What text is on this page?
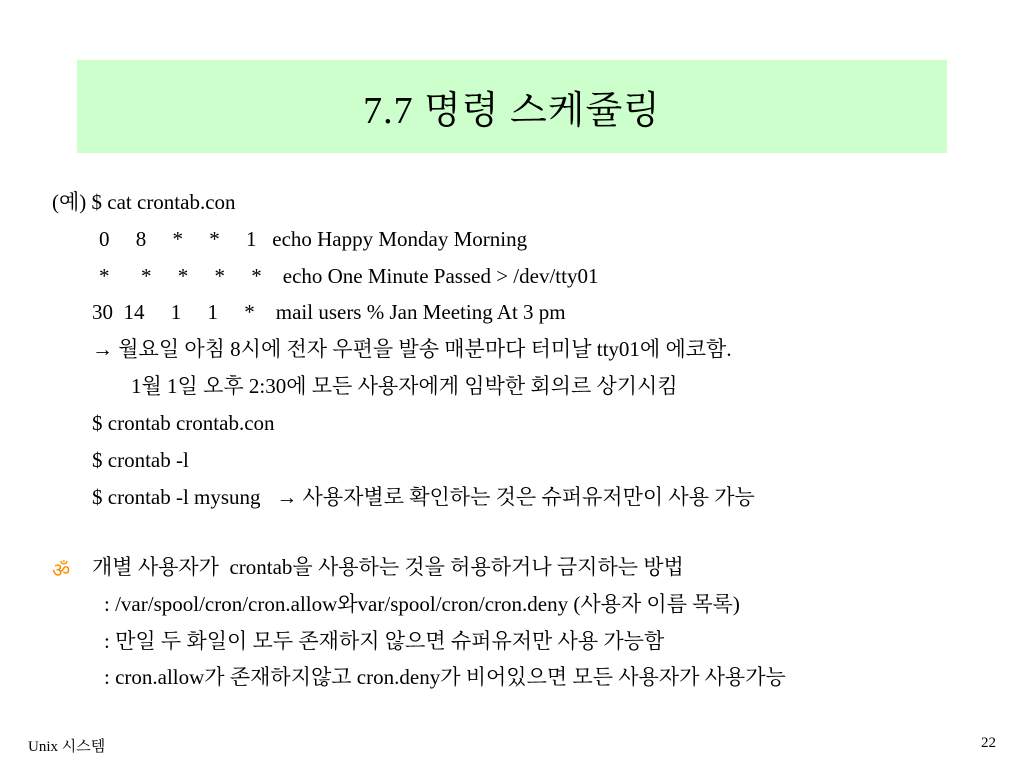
7.7 명령 스케쥴링
(예) $ cat crontab.con
0     8     *     *     1   echo Happy Monday Morning
*      *     *     *     *    echo One Minute Passed > /dev/tty01
30  14     1     1     *    mail users % Jan Meeting At 3 pm
→ 월요일 아침 8시에 전자 우편을 발송 매분마다 터미날 tty01에 에코함.
1월 1일 오후 2:30에 모든 사용자에게 임박한 회의르 상기시킴
$ crontab crontab.con
$ crontab -l
$ crontab -l mysung   → 사용자별로 확인하는 것은 슈퍼유저만이 사용 가능
ॐ 개별 사용자가  crontab을 사용하는 것을 허용하거나 금지하는 방법
: /var/spool/cron/cron.allow와var/spool/cron/cron.deny (사용자 이름 목록)
: 만일 두 화일이 모두 존재하지 않으면 슈퍼유저만 사용 가능함
: cron.allow가 존재하지않고 cron.deny가 비어있으면 모든 사용자가 사용가능
Unix 시스템	22
